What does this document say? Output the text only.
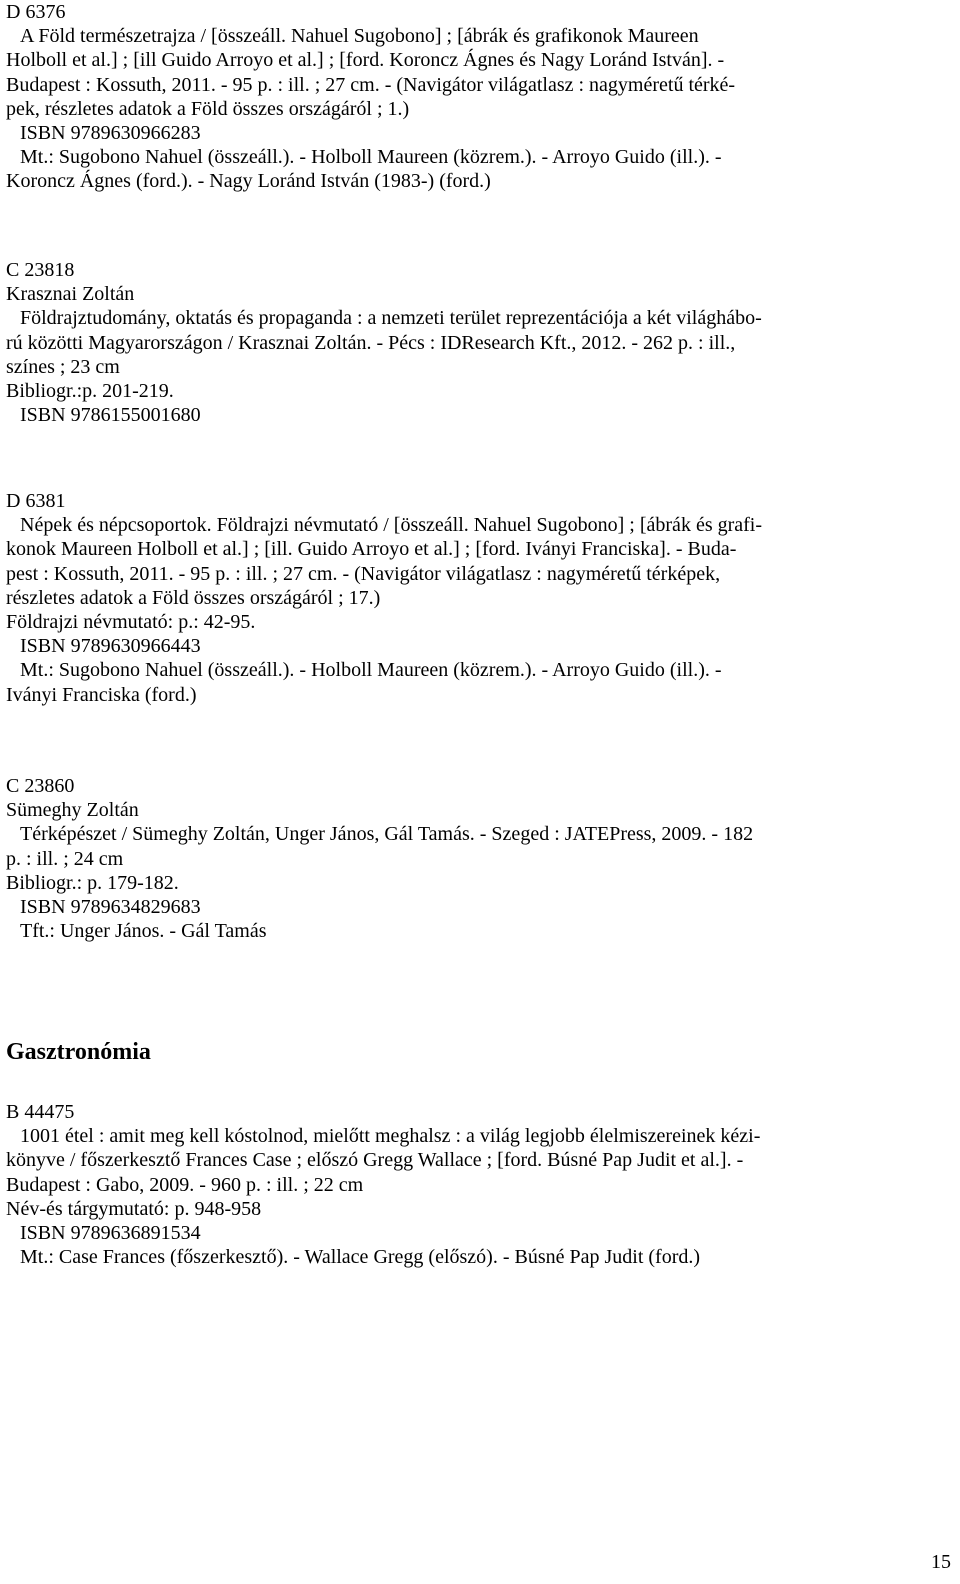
D 6376
A Föld természetrajza / [összeáll. Nahuel Sugobono] ; [ábrák és grafikonok Maureen
Holboll et al.] ; [ill Guido Arroyo et al.] ; [ford. Koroncz Ágnes és Nagy Loránd István]. -
Budapest : Kossuth, 2011. - 95 p. : ill. ; 27 cm. - (Navigátor világatlasz : nagyméretű térké-
pek, részletes adatok a Föld összes országáról ; 1.)
ISBN 9789630966283
Mt.: Sugobono Nahuel (összeáll.). - Holboll Maureen (közrem.). - Arroyo Guido (ill.). -
Koroncz Ágnes (ford.). - Nagy Loránd István (1983-) (ford.)
C 23818
Krasznai Zoltán
Földrajztudomány, oktatás és propaganda : a nemzeti terület reprezentációja a két világhábo-
rú közötti Magyarországon / Krasznai Zoltán. - Pécs : IDResearch Kft., 2012. - 262 p. : ill.,
színes ; 23 cm
Bibliogr.:p. 201-219.
ISBN 9786155001680
D 6381
Népek és népcsoportok. Földrajzi névmutató / [összeáll. Nahuel Sugobono] ; [ábrák és grafi-
konok Maureen Holboll et al.] ; [ill. Guido Arroyo et al.] ; [ford. Iványi Franciska]. - Buda-
pest : Kossuth, 2011. - 95 p. : ill. ; 27 cm. - (Navigátor világatlasz : nagyméretű térképek,
részletes adatok a Föld összes országáról ; 17.)
Földrajzi névmutató: p.: 42-95.
ISBN 9789630966443
Mt.: Sugobono Nahuel (összeáll.). - Holboll Maureen (közrem.). - Arroyo Guido (ill.). -
Iványi Franciska (ford.)
C 23860
Sümeghy Zoltán
Térképészet / Sümeghy Zoltán, Unger János, Gál Tamás. - Szeged : JATEPress, 2009. - 182
p. : ill. ; 24 cm
Bibliogr.: p. 179-182.
ISBN 9789634829683
Tft.: Unger János. - Gál Tamás
Gasztronómia
B 44475
1001 étel : amit meg kell kóstolnod, mielőtt meghalsz : a világ legjobb élelmiszereinek kézi-
könyve / főszerkesztő Frances Case ; előszó Gregg Wallace ; [ford. Búsné Pap Judit et al.]. -
Budapest : Gabo, 2009. - 960 p. : ill. ; 22 cm
Név-és tárgymutató: p. 948-958
ISBN 9789636891534
Mt.: Case Frances (főszerkesztő). - Wallace Gregg (előszó). - Búsné Pap Judit (ford.)
15
